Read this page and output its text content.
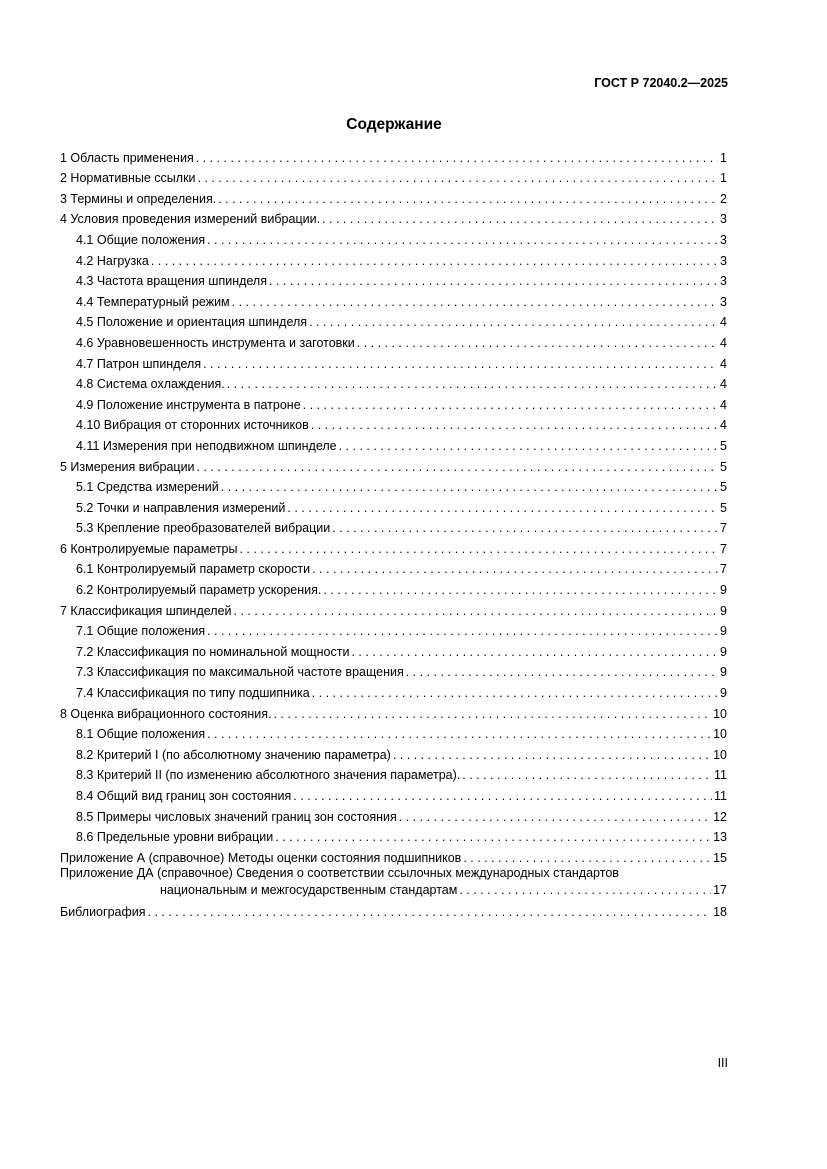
ГОСТ Р 72040.2—2025
Содержание
1 Область применения . . .	1
2 Нормативные ссылки . . .	1
3 Термины и определения. . . .	2
4 Условия проведения измерений вибрации. . . .	3
4.1 Общие положения . . .	3
4.2 Нагрузка . . .	3
4.3 Частота вращения шпинделя . . .	3
4.4 Температурный режим . . .	3
4.5 Положение и ориентация шпинделя . . .	4
4.6 Уравновешенность инструмента и заготовки . . .	4
4.7 Патрон шпинделя . . .	4
4.8 Система охлаждения. . . .	4
4.9 Положение инструмента в патроне . . .	4
4.10 Вибрация от сторонних источников . . .	4
4.11 Измерения при неподвижном шпинделе . . .	5
5 Измерения вибрации . . .	5
5.1 Средства измерений . . .	5
5.2 Точки и направления измерений . . .	5
5.3 Крепление преобразователей вибрации . . .	7
6 Контролируемые параметры . . .	7
6.1 Контролируемый параметр скорости . . .	7
6.2 Контролируемый параметр ускорения. . . .	9
7 Классификация шпинделей . . .	9
7.1 Общие положения . . .	9
7.2 Классификация по номинальной мощности . . .	9
7.3 Классификация по максимальной частоте вращения . . .	9
7.4 Классификация по типу подшипника . . .	9
8 Оценка вибрационного состояния. . . .	10
8.1 Общие положения . . .	10
8.2 Критерий I (по абсолютному значению параметра) . . .	10
8.3 Критерий II (по изменению абсолютного значения параметра). . . .	11
8.4 Общий вид границ зон состояния . . .	11
8.5 Примеры числовых значений границ зон состояния . . .	12
8.6 Предельные уровни вибрации . . .	13
Приложение А (справочное) Методы оценки состояния подшипников . . .	15
Приложение ДА (справочное) Сведения о соответствии ссылочных международных стандартов
национальным и межгосударственным стандартам . . .	17
Библиография . . .	18
III
